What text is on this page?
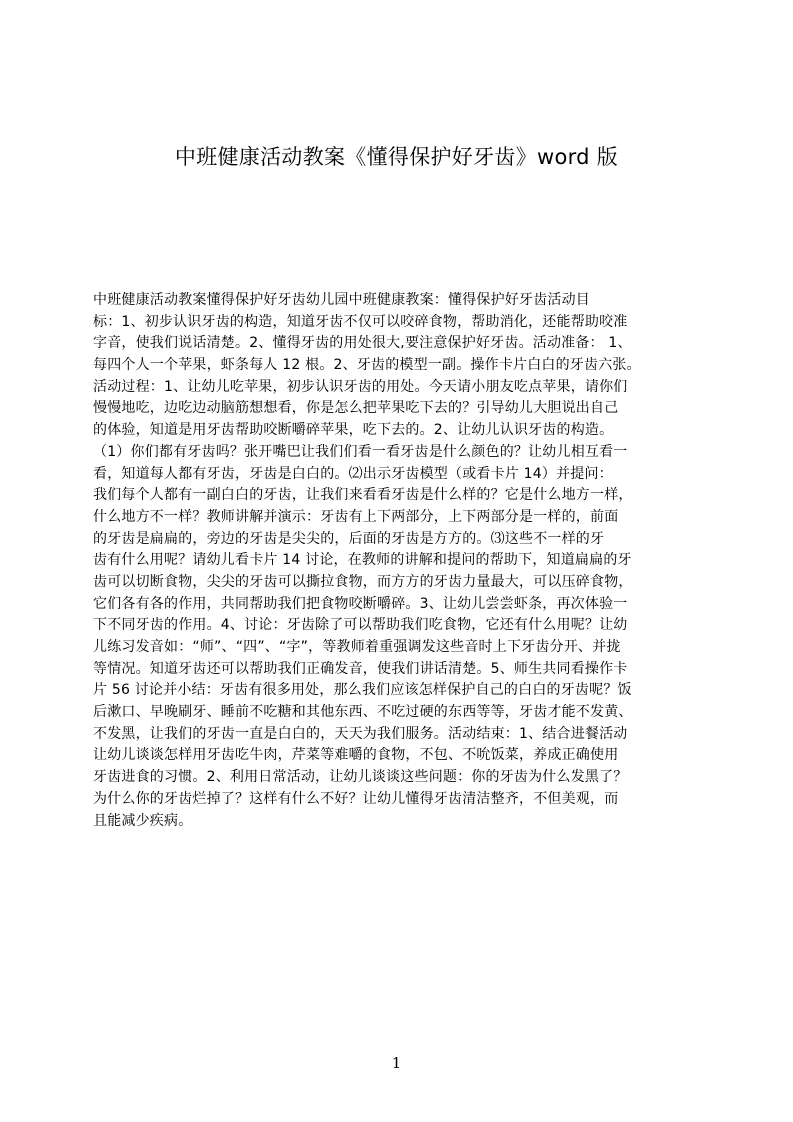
中班健康活动教案《懂得保护好牙齿》word 版
中班健康活动教案懂得保护好牙齿幼儿园中班健康教案：懂得保护好牙齿活动目
标：1、初步认识牙齿的构造，知道牙齿不仅可以咬碎食物，帮助消化，还能帮助咬准
字音，使我们说话清楚。2、懂得牙齿的用处很大,要注意保护好牙齿。活动准备： 1、
每四个人一个苹果，虾条每人 12 根。2、牙齿的模型一副。操作卡片白白的牙齿六张。
活动过程：1、让幼儿吃苹果，初步认识牙齿的用处。今天请小朋友吃点苹果，请你们
慢慢地吃，边吃边动脑筋想想看，你是怎么把苹果吃下去的？引导幼儿大胆说出自己
的体验，知道是用牙齿帮助咬断嚼碎苹果，吃下去的。2、让幼儿认识牙齿的构造。
（1）你们都有牙齿吗？张开嘴巴让我们们看一看牙齿是什么颜色的？让幼儿相互看一
看，知道每人都有牙齿，牙齿是白白的。⑵出示牙齿模型（或看卡片 14）并提问：
我们每个人都有一副白白的牙齿，让我们来看看牙齿是什么样的？它是什么地方一样，
什么地方不一样？教师讲解并演示：牙齿有上下两部分，上下两部分是一样的，前面
的牙齿是扁扁的，旁边的牙齿是尖尖的，后面的牙齿是方方的。⑶这些不一样的牙
齿有什么用呢？请幼儿看卡片 14 讨论，在教师的讲解和提问的帮助下，知道扁扁的牙
齿可以切断食物，尖尖的牙齿可以撕拉食物，而方方的牙齿力量最大，可以压碎食物，
它们各有各的作用，共同帮助我们把食物咬断嚼碎。3、让幼儿尝尝虾条，再次体验一
下不同牙齿的作用。4、讨论：牙齿除了可以帮助我们吃食物，它还有什么用呢？让幼
儿练习发音如：“师”、“四”、“字”，等教师着重强调发这些音时上下牙齿分开、并拢
等情况。知道牙齿还可以帮助我们正确发音，使我们讲话清楚。5、师生共同看操作卡
片 56 讨论并小结：牙齿有很多用处，那么我们应该怎样保护自己的白白的牙齿呢？饭
后漱口、早晚刷牙、睡前不吃糖和其他东西、不吃过硬的东西等等，牙齿才能不发黄、
不发黑，让我们的牙齿一直是白白的，天天为我们服务。活动结束：1、结合进餐活动
让幼儿谈谈怎样用牙齿吃牛肉，芹菜等难嚼的食物，不包、不吮饭菜，养成正确使用
牙齿进食的习惯。2、利用日常活动，让幼儿谈谈这些问题：你的牙齿为什么发黑了？
为什么你的牙齿烂掉了？这样有什么不好？让幼儿懂得牙齿清洁整齐，不但美观，而
且能减少疾病。
1
